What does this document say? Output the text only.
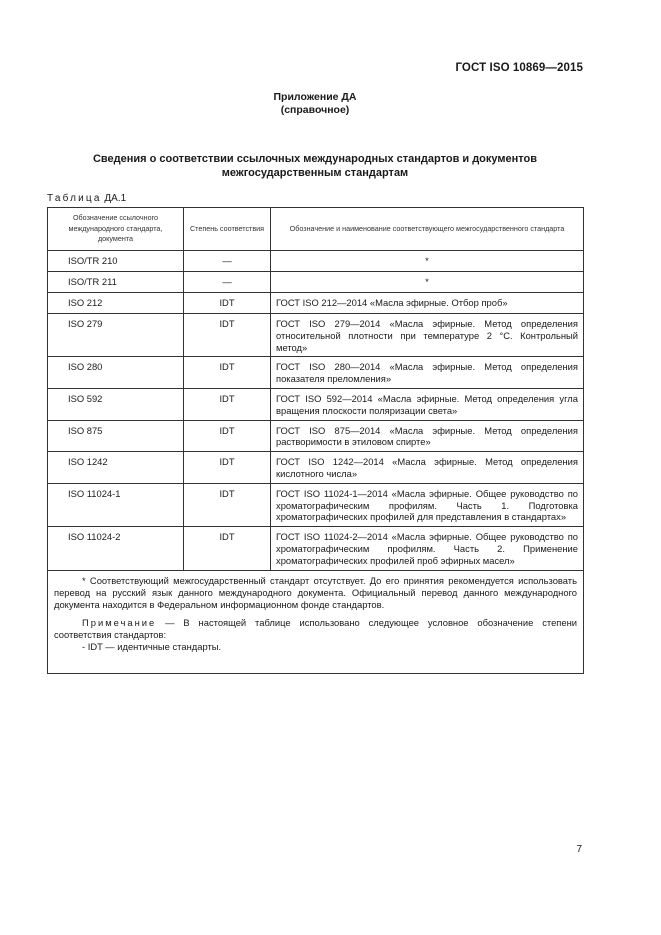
ГОСТ ISO 10869—2015
Приложение ДА
(справочное)
Сведения о соответствии ссылочных международных стандартов и документов
межгосударственным стандартам
Таблица ДА.1
Обозначение ссылочного международного стандарта, документа	Степень соответствия	Обозначение и наименование соответствующего межгосударственного стандарта
ISO/TR 210	—	*
ISO/TR 211	—	*
ISO 212	IDT	ГОСТ ISO 212—2014 «Масла эфирные. Отбор проб»
ISO 279	IDT	ГОСТ ISO 279—2014 «Масла эфирные. Метод определения относительной плотности при температуре 2 °С. Контрольный метод»
ISO 280	IDT	ГОСТ ISO 280—2014 «Масла эфирные. Метод определения показателя преломления»
ISO 592	IDT	ГОСТ ISO 592—2014 «Масла эфирные. Метод определения угла вращения плоскости поляризации света»
ISO 875	IDT	ГОСТ ISO 875—2014 «Масла эфирные. Метод определения растворимости в этиловом спирте»
ISO 1242	IDT	ГОСТ ISO 1242—2014 «Масла эфирные. Метод определения кислотного числа»
ISO 11024-1	IDT	ГОСТ ISO 11024-1—2014 «Масла эфирные. Общее руководство по хроматографическим профилям. Часть 1. Подготовка хроматографических профилей для представления в стандартах»
ISO 11024-2	IDT	ГОСТ ISO 11024-2—2014 «Масла эфирные. Общее руководство по хроматографическим профилям. Часть 2. Применение хроматографических профилей проб эфирных масел»

* Соответствующий межгосударственный стандарт отсутствует. До его принятия рекомендуется использовать перевод на русский язык данного международного документа. Официальный перевод данного международного документа находится в Федеральном информационном фонде стандартов.

Примечание — В настоящей таблице использовано следующее условное обозначение степени соответствия стандартов:

- IDT — идентичные стандарты.		

7
